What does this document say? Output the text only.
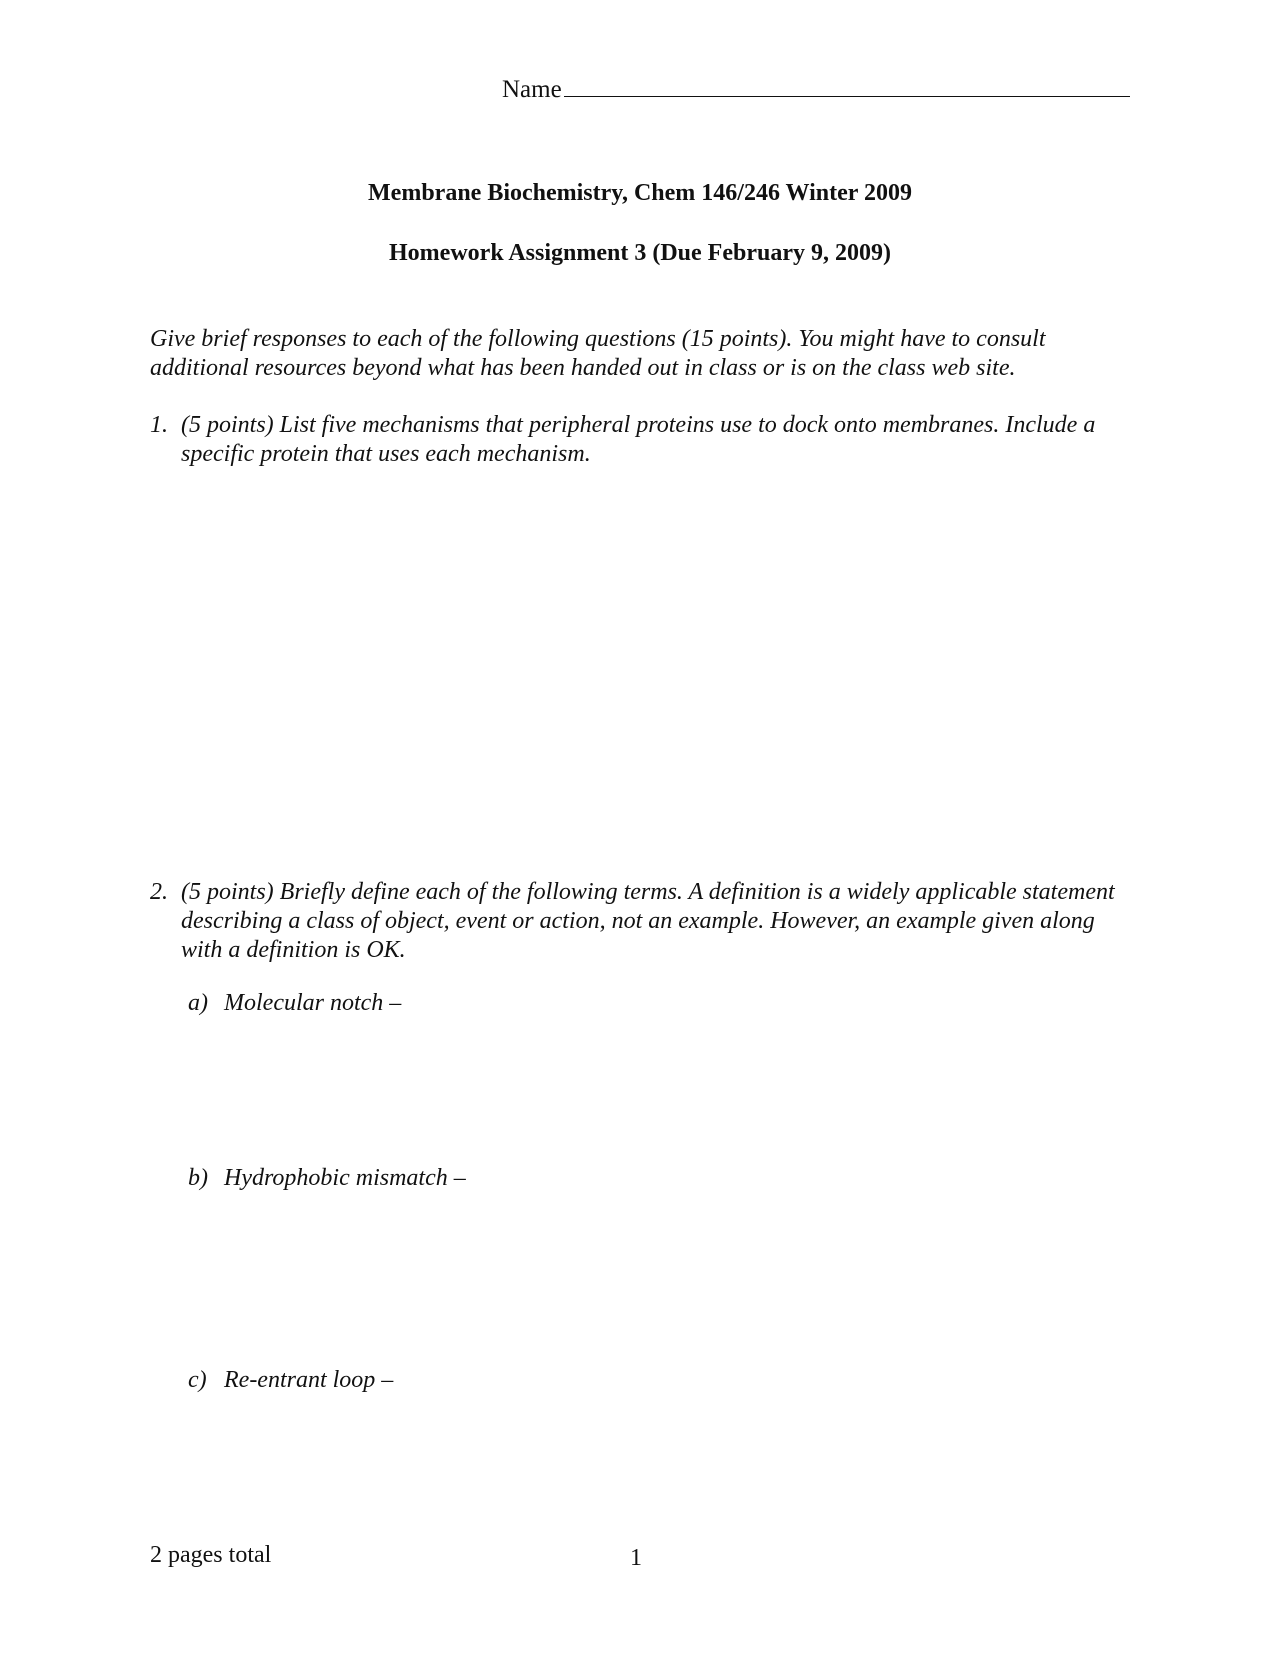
Name
Membrane Biochemistry, Chem 146/246 Winter 2009
Homework Assignment 3 (Due February 9, 2009)
Give brief responses to each of the following questions (15 points). You might have to consult additional resources beyond what has been handed out in class or is on the class web site.
1. (5 points) List five mechanisms that peripheral proteins use to dock onto membranes. Include a specific protein that uses each mechanism.
2. (5 points) Briefly define each of the following terms. A definition is a widely applicable statement describing a class of object, event or action, not an example. However, an example given along with a definition is OK.
a) Molecular notch –
b) Hydrophobic mismatch –
c) Re-entrant loop –
2 pages total	1
